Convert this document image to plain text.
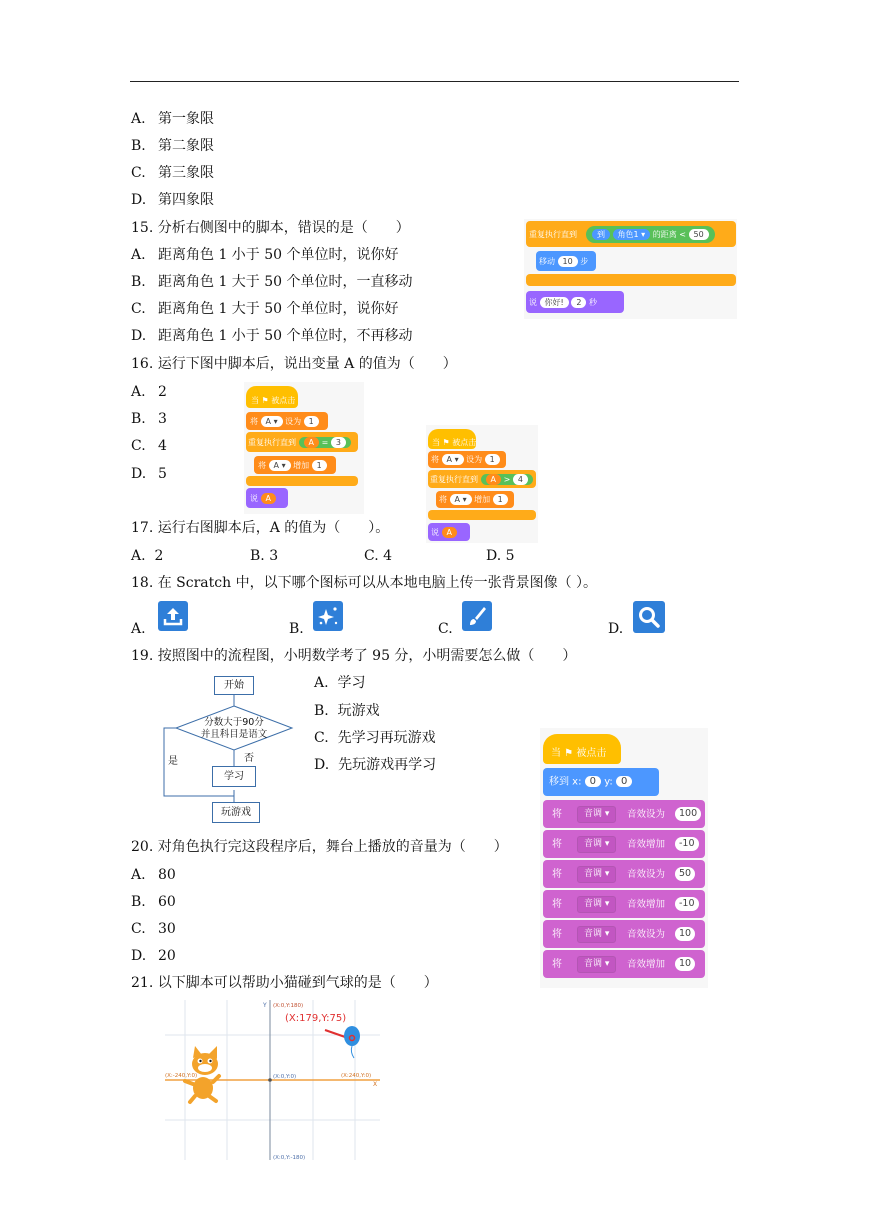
A. 第一象限
B. 第二象限
C. 第三象限
D. 第四象限
15. 分析右侧图中的脚本，错误的是（　　）
A. 距离角色 1 小于 50 个单位时，说你好
B. 距离角色 1 大于 50 个单位时，一直移动
C. 距离角色 1 大于 50 个单位时，说你好
D. 距离角色 1 小于 50 个单位时，不再移动
重复执行直到	到 角色1 ▾ 的距离 < 50
移动 10 步
说 你好! 2 秒
16. 运行下图中脚本后，说出变量 A 的值为（　　）
A. 2
B. 3
C. 4
D. 5
当 ⚑ 被点击
将 A ▾ 设为 1
重复执行直到 A = 3
将 A ▾ 增加 1
说 A
当 ⚑ 被点击
将 A ▾ 设为 1
重复执行直到 A > 4
将 A ▾ 增加 1
说 A
17. 运行右图脚本后，A 的值为（　　）。
A. 2	B. 3	C. 4	D. 5
18. 在 Scratch 中，以下哪个图标可以从本地电脑上传一张背景图像（ ）。
A.	B.	C.	D.
19. 按照图中的流程图，小明数学考了 95 分，小明需要怎么做（　　）
A. 学习
B. 玩游戏
C. 先学习再玩游戏
D. 先玩游戏再学习
分数大于90分
并且科目是语文
是	否
开始
学习
玩游戏
当 ⚑ 被点击
移到 x: 0 y: 0
将	音调 ▾	音效设为	100
将	音调 ▾	音效增加	-10
将	音调 ▾	音效设为	50
将	音调 ▾	音效增加	-10
将	音调 ▾	音效设为	10
将	音调 ▾	音效增加	10
20. 对角色执行完这段程序后，舞台上播放的音量为（　　）
A. 80
B. 60
C. 30
D. 20
21. 以下脚本可以帮助小猫碰到气球的是（　　）
(X:0,Y:180)
Y
(X:0,Y:-180)
(X:-240,Y:0)	(X:240,Y:0)
X
(X:0,Y:0)
(X:179,Y:75)
